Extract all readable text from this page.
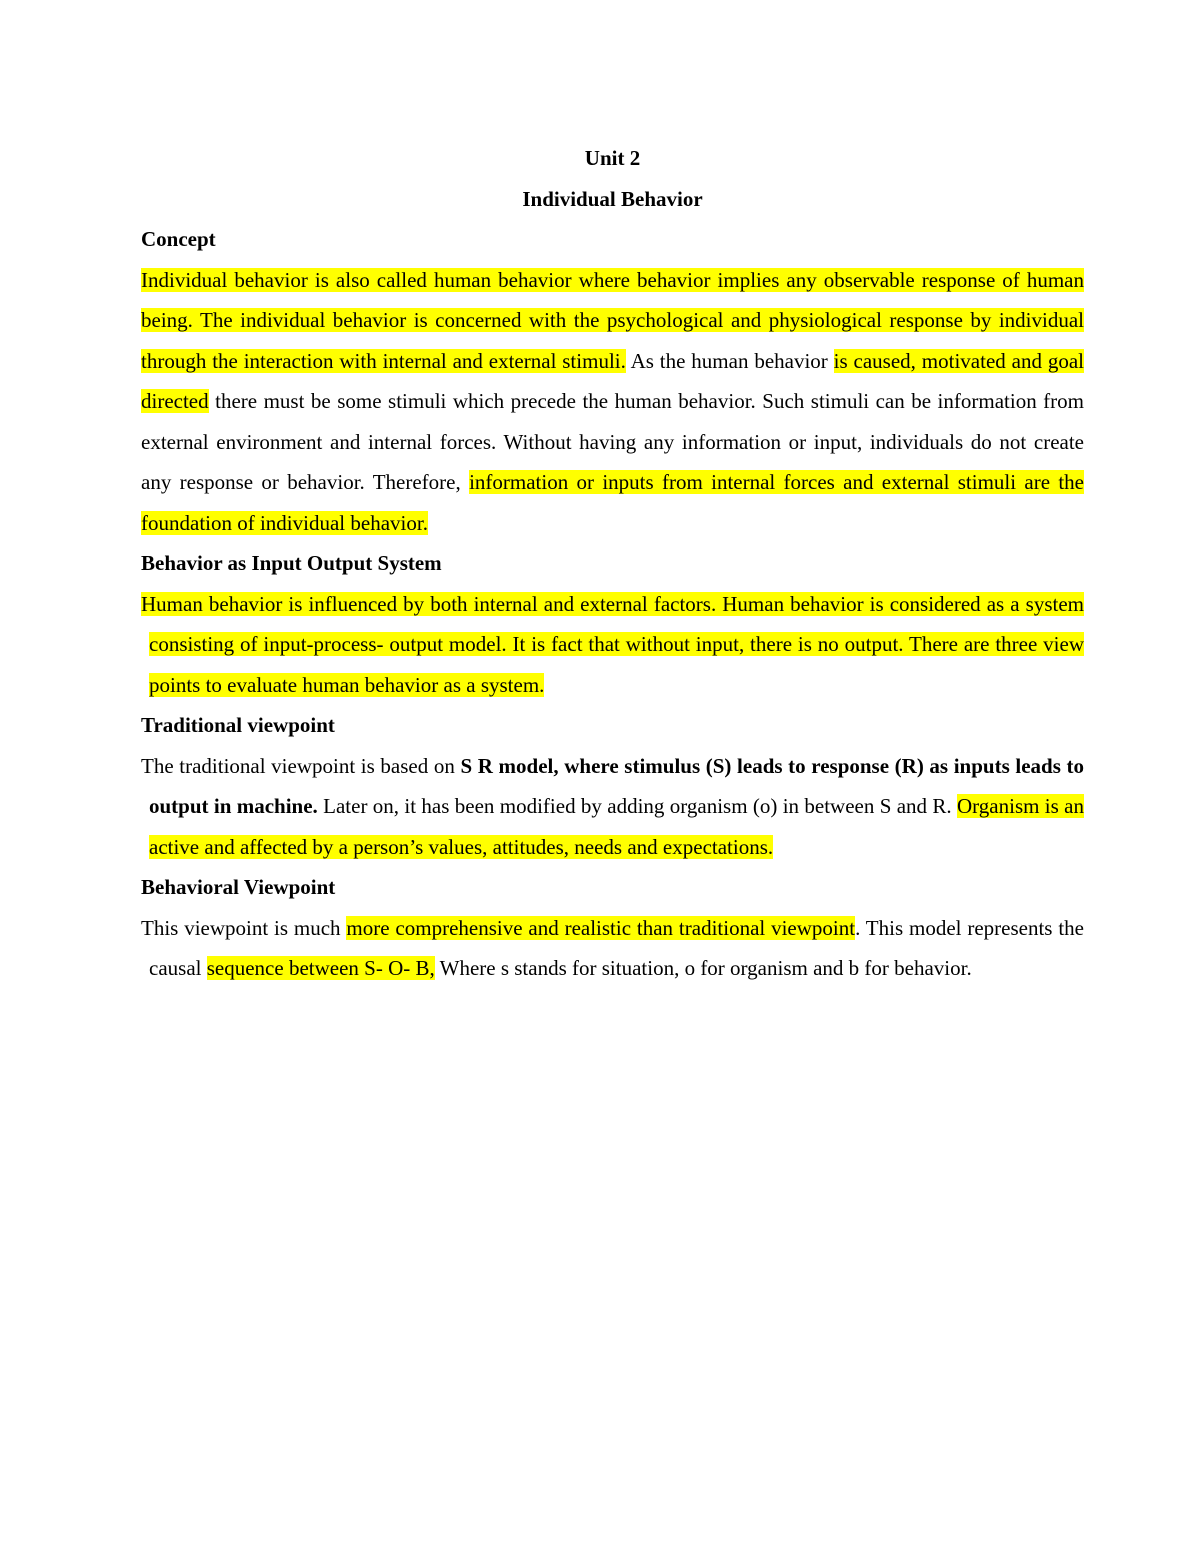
Unit 2

Individual Behavior

Concept

Individual behavior is also called human behavior where behavior implies any observable response of human being. The individual behavior is concerned with the psychological and physiological response by individual through the interaction with internal and external stimuli. As the human behavior is caused, motivated and goal directed there must be some stimuli which precede the human behavior. Such stimuli can be information from external environment and internal forces. Without having any information or input, individuals do not create any response or behavior. Therefore, information or inputs from internal forces and external stimuli are the foundation of individual behavior.

Behavior as Input Output System

Human behavior is influenced by both internal and external factors. Human behavior is considered as a system consisting of input-process- output model. It is fact that without input, there is no output. There are three view points to evaluate human behavior as a system.

Traditional viewpoint

The traditional viewpoint is based on S R model, where stimulus (S) leads to response (R) as inputs leads to output in machine. Later on, it has been modified by adding organism (o) in between S and R. Organism is an active and affected by a person’s values, attitudes, needs and expectations.

Behavioral Viewpoint

This viewpoint is much more comprehensive and realistic than traditional viewpoint. This model represents the causal sequence between S- O- B, Where s stands for situation, o for organism and b for behavior.
